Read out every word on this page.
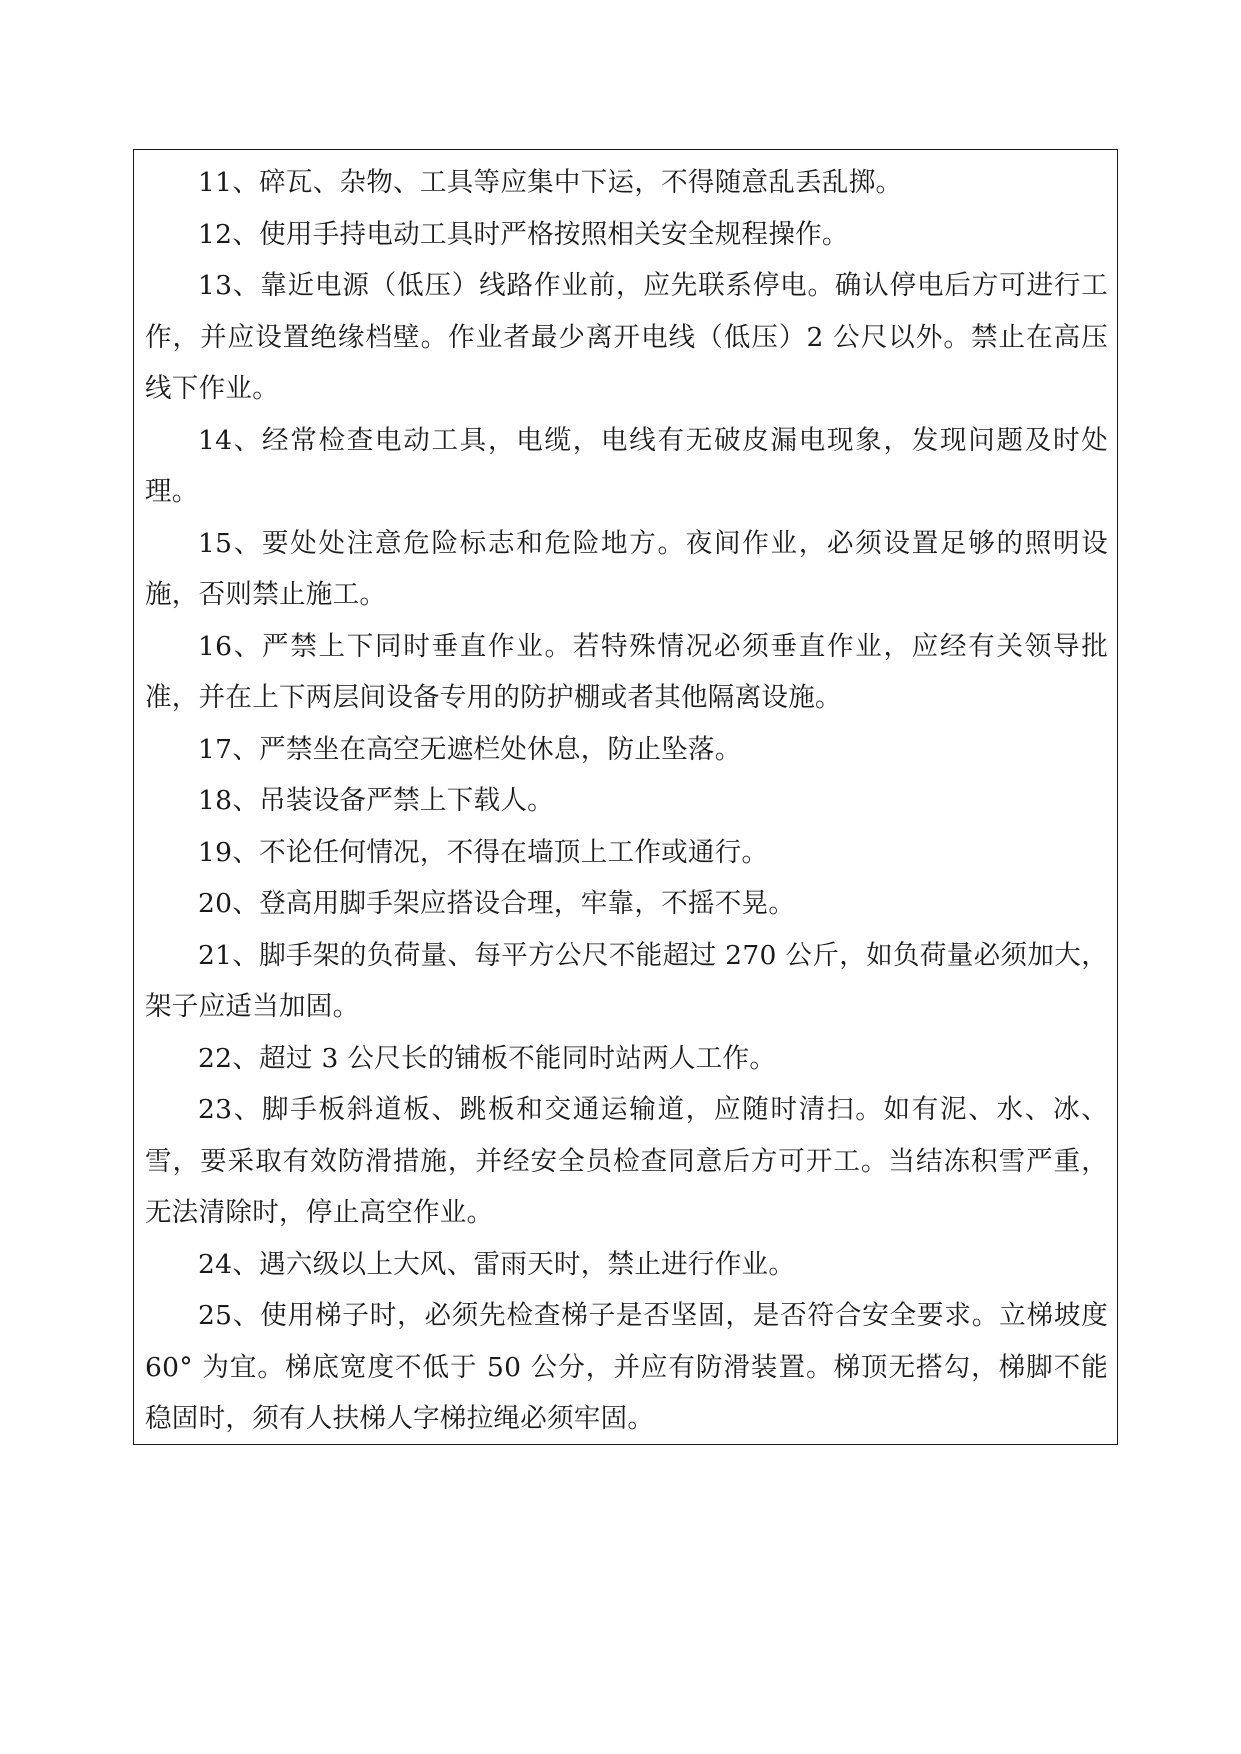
11、碎瓦、杂物、工具等应集中下运，不得随意乱丢乱掷。

12、使用手持电动工具时严格按照相关安全规程操作。

13、靠近电源（低压）线路作业前，应先联系停电。确认停电后方可进行工作，并应设置绝缘档壁。作业者最少离开电线（低压）2 公尺以外。禁止在高压线下作业。

14、经常检查电动工具，电缆，电线有无破皮漏电现象，发现问题及时处理。

15、要处处注意危险标志和危险地方。夜间作业，必须设置足够的照明设施，否则禁止施工。

16、严禁上下同时垂直作业。若特殊情况必须垂直作业，应经有关领导批准，并在上下两层间设备专用的防护棚或者其他隔离设施。

17、严禁坐在高空无遮栏处休息，防止坠落。

18、吊装设备严禁上下载人。

19、不论任何情况，不得在墙顶上工作或通行。

20、登高用脚手架应搭设合理，牢靠，不摇不晃。

21、脚手架的负荷量、每平方公尺不能超过 270 公斤，如负荷量必须加大，架子应适当加固。

22、超过 3 公尺长的铺板不能同时站两人工作。

23、脚手板斜道板、跳板和交通运输道，应随时清扫。如有泥、水、冰、雪，要采取有效防滑措施，并经安全员检查同意后方可开工。当结冻积雪严重，无法清除时，停止高空作业。

24、遇六级以上大风、雷雨天时，禁止进行作业。

25、使用梯子时，必须先检查梯子是否坚固，是否符合安全要求。立梯坡度 60° 为宜。梯底宽度不低于 50 公分，并应有防滑装置。梯顶无搭勾，梯脚不能稳固时，须有人扶梯人字梯拉绳必须牢固。
